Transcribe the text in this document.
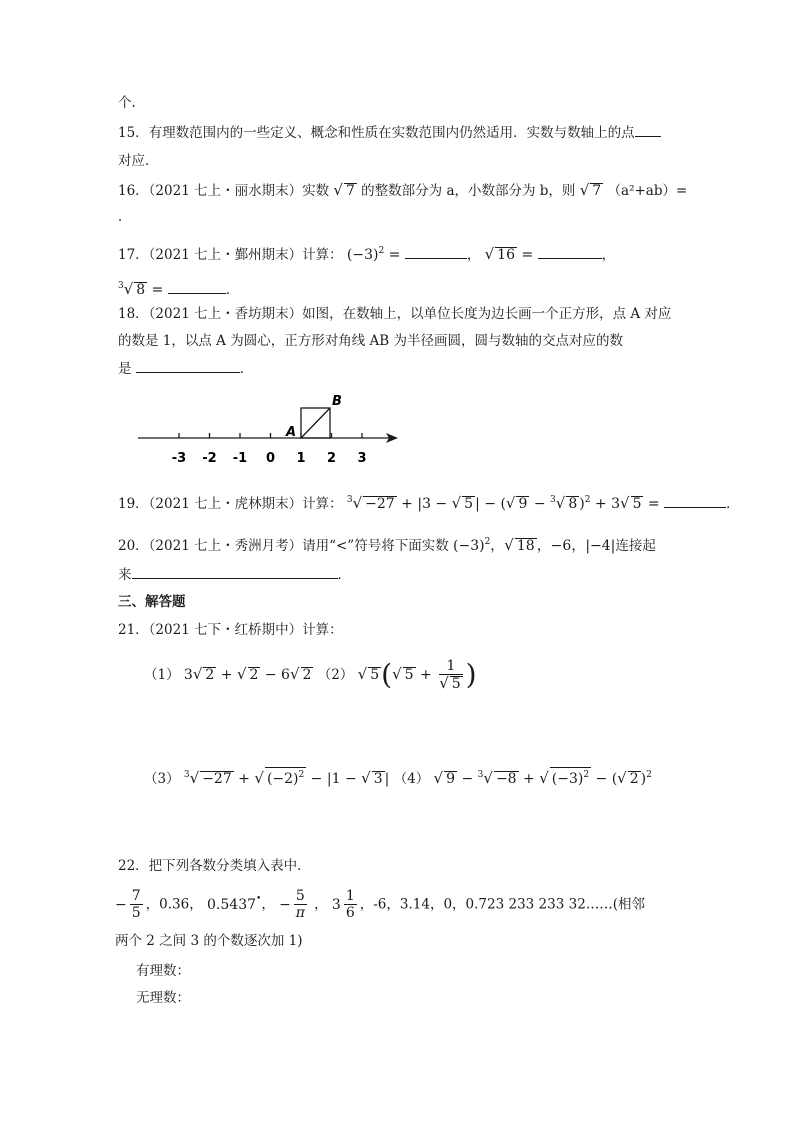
个.
15．有理数范围内的一些定义、概念和性质在实数范围内仍然适用．实数与数轴上的点
对应．
16．（2021 七上・丽水期末）实数 √ 7 的整数部分为 a，小数部分为 b，则 √ 7 （a²+ab）=
．
17．（2021 七上・鄞州期末）计算： $(-3)^2$ =	， √ 16 =	，
$^3$√ 8 =	．
18．（2021 七上・香坊期末）如图，在数轴上，以单位长度为边长画一个正方形，点 A 对应
的数是 1，以点 A 为圆心，正方形对角线 AB 为半径画圆，圆与数轴的交点对应的数
是	．
A
B
-3 -2 -1 0 1 2 3
19．（2021 七上・虎林期末）计算： $^3$√ −27 + |3 − √ 5 | − (√ 9 − $^3$√ 8 )$^2$ + 3√ 5 =	．
20．（2021 七上・秀洲月考）请用“<”符号将下面实数 $(-3)^2$，√ 18 ，−6，|−4|连接起
来	．
三、解答题
21．（2021 七下・红桥期中）计算：
（1） 3√ 2 + √ 2 − 6√ 2 （2） √ 5(√ $5 + \frac{1}{√ 5}$ )
（3） $^3$√ −27 + √ $(-2)^2 - |1$ − √ 3 | （4） √ 9 − $^3$√ −8 + √ $(-3)^2$ − (√ 2 )$^2$
22．把下列各数分类填入表中．
− $\frac{7}{5}$ ，0.36， 0.5437•， − $\frac{5}{\pi}$ ， $3 \frac{1}{6}$ ，-6，3.14，0，0.723 233 233 32……(相邻
两个 2 之间 3 的个数逐次加 1)
有理数：
无理数：
